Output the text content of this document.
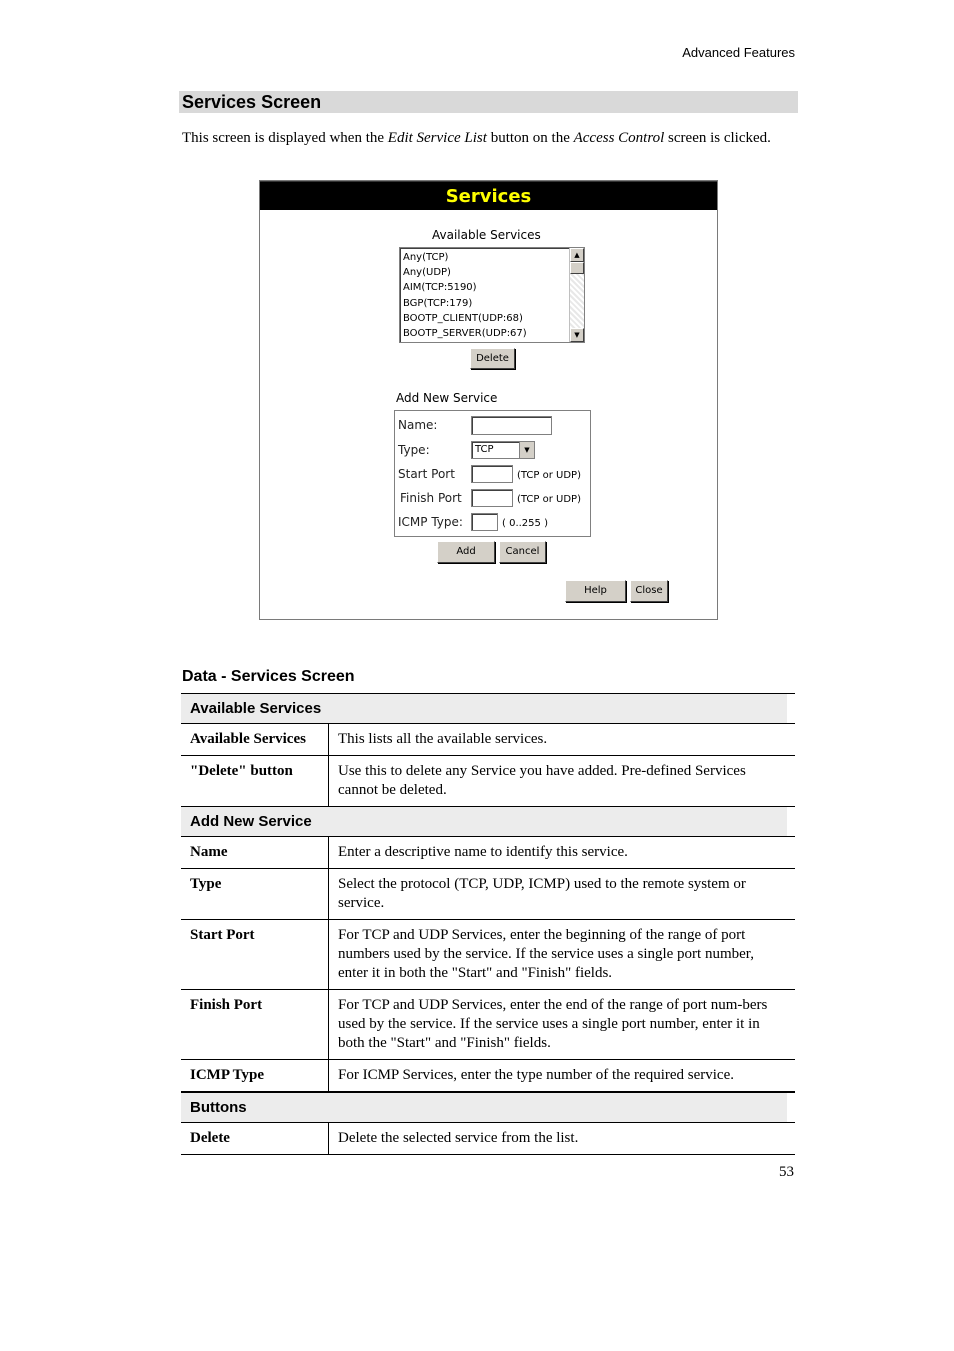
Advanced Features
Services Screen

This screen is displayed when the Edit Service List button on the Access Control screen is clicked.

Services
Available Services
Any(TCP)
Any(UDP)
AIM(TCP:5190)
BGP(TCP:179)
BOOTP_CLIENT(UDP:68)
BOOTP_SERVER(UDP:67)
▲
▼
Delete
Add New Service
Name:
Type:	TCP	▼
Start Port	(TCP or UDP)
Finish Port	(TCP or UDP)
ICMP Type:	( 0..255 )
Add	Cancel
Help	Close
Data - Services Screen
Available Services
Available Services	This lists all the available services.
"Delete" button	Use this to delete any Service you have added. Pre-defined Services cannot be deleted.
Add New Service
Name	Enter a descriptive name to identify this service.
Type	Select the protocol (TCP, UDP, ICMP) used to the remote system or service.
Start Port	For TCP and UDP Services, enter the beginning of the range of port numbers used by the service. If the service uses a single port number, enter it in both the "Start" and "Finish" fields.
Finish Port	For TCP and UDP Services, enter the end of the range of port num-bers used by the service. If the service uses a single port number, enter it in both the "Start" and "Finish" fields.
ICMP Type	For ICMP Services, enter the type number of the required service.
Buttons
Delete	Delete the selected service from the list.
53
